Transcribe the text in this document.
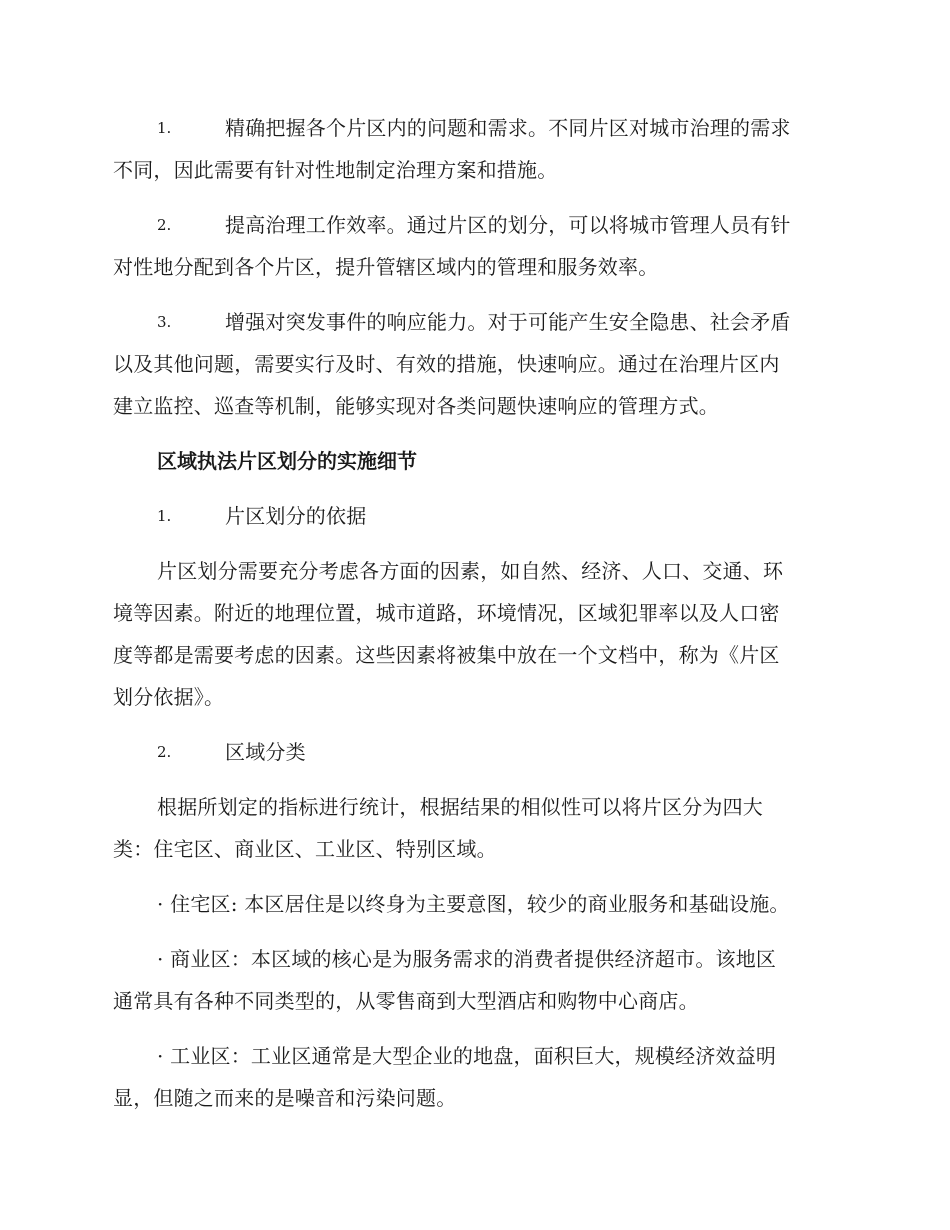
1.	精确把握各个片区内的问题和需求。不同片区对城市治理的需求
不同，因此需要有针对性地制定治理方案和措施。
2.	提高治理工作效率。通过片区的划分，可以将城市管理人员有针
对性地分配到各个片区，提升管辖区域内的管理和服务效率。
3.	增强对突发事件的响应能力。对于可能产生安全隐患、社会矛盾
以及其他问题，需要实行及时、有效的措施，快速响应。通过在治理片区内
建立监控、巡查等机制，能够实现对各类问题快速响应的管理方式。
区域执法片区划分的实施细节
1.	片区划分的依据
片区划分需要充分考虑各方面的因素，如自然、经济、人口、交通、环
境等因素。附近的地理位置，城市道路，环境情况，区域犯罪率以及人口密
度等都是需要考虑的因素。这些因素将被集中放在一个文档中，称为《片区
划分依据》。
2.	区域分类
根据所划定的指标进行统计，根据结果的相似性可以将片区分为四大
类：住宅区、商业区、工业区、特别区域。
· 住宅区: 本区居住是以终身为主要意图，较少的商业服务和基础设施。
· 商业区：本区域的核心是为服务需求的消费者提供经济超市。该地区
通常具有各种不同类型的，从零售商到大型酒店和购物中心商店。
· 工业区：工业区通常是大型企业的地盘，面积巨大，规模经济效益明
显，但随之而来的是噪音和污染问题。
